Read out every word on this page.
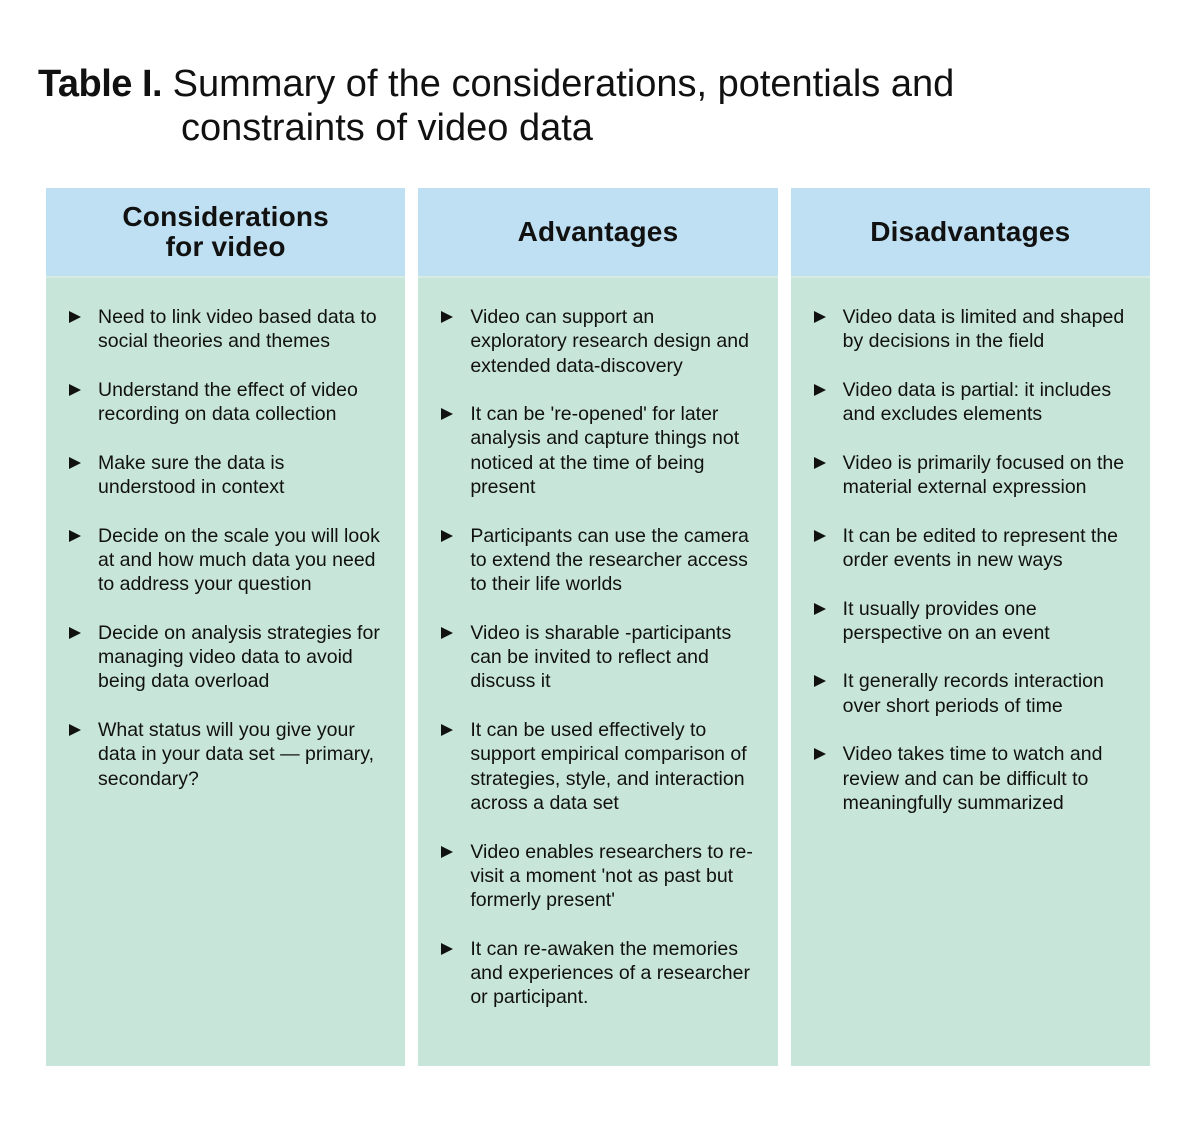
Table I. Summary of the considerations, potentials and
constraints of video data
Considerations for video
Need to link video based data to social theories and themes
Understand the effect of video recording on data collection
Make sure the data is understood in context
Decide on the scale you will look at and how much data you need to address your question
Decide on analysis strategies for managing video data to avoid being data overload
What status will you give your data in your data set — primary, secondary?
Advantages
Video can support an exploratory research design and extended data-discovery
It can be 're-opened' for later analysis and capture things not noticed at the time of being present
Participants can use the camera to extend the researcher access to their life worlds
Video is sharable -participants can be invited to reflect and discuss it
It can be used effectively to support empirical comparison of strategies, style, and interaction across a data set
Video enables researchers to re-visit a moment 'not as past but formerly present'
It can re-awaken the memories and experiences of a researcher or participant.
Disadvantages
Video data is limited and shaped by decisions in the field
Video data is partial: it includes and excludes elements
Video is primarily focused on the material external expression
It can be edited to represent the order events in new ways
It usually provides one perspective on an event
It generally records interaction over short periods of time
Video takes time to watch and review and can be difficult to meaningfully summarized
